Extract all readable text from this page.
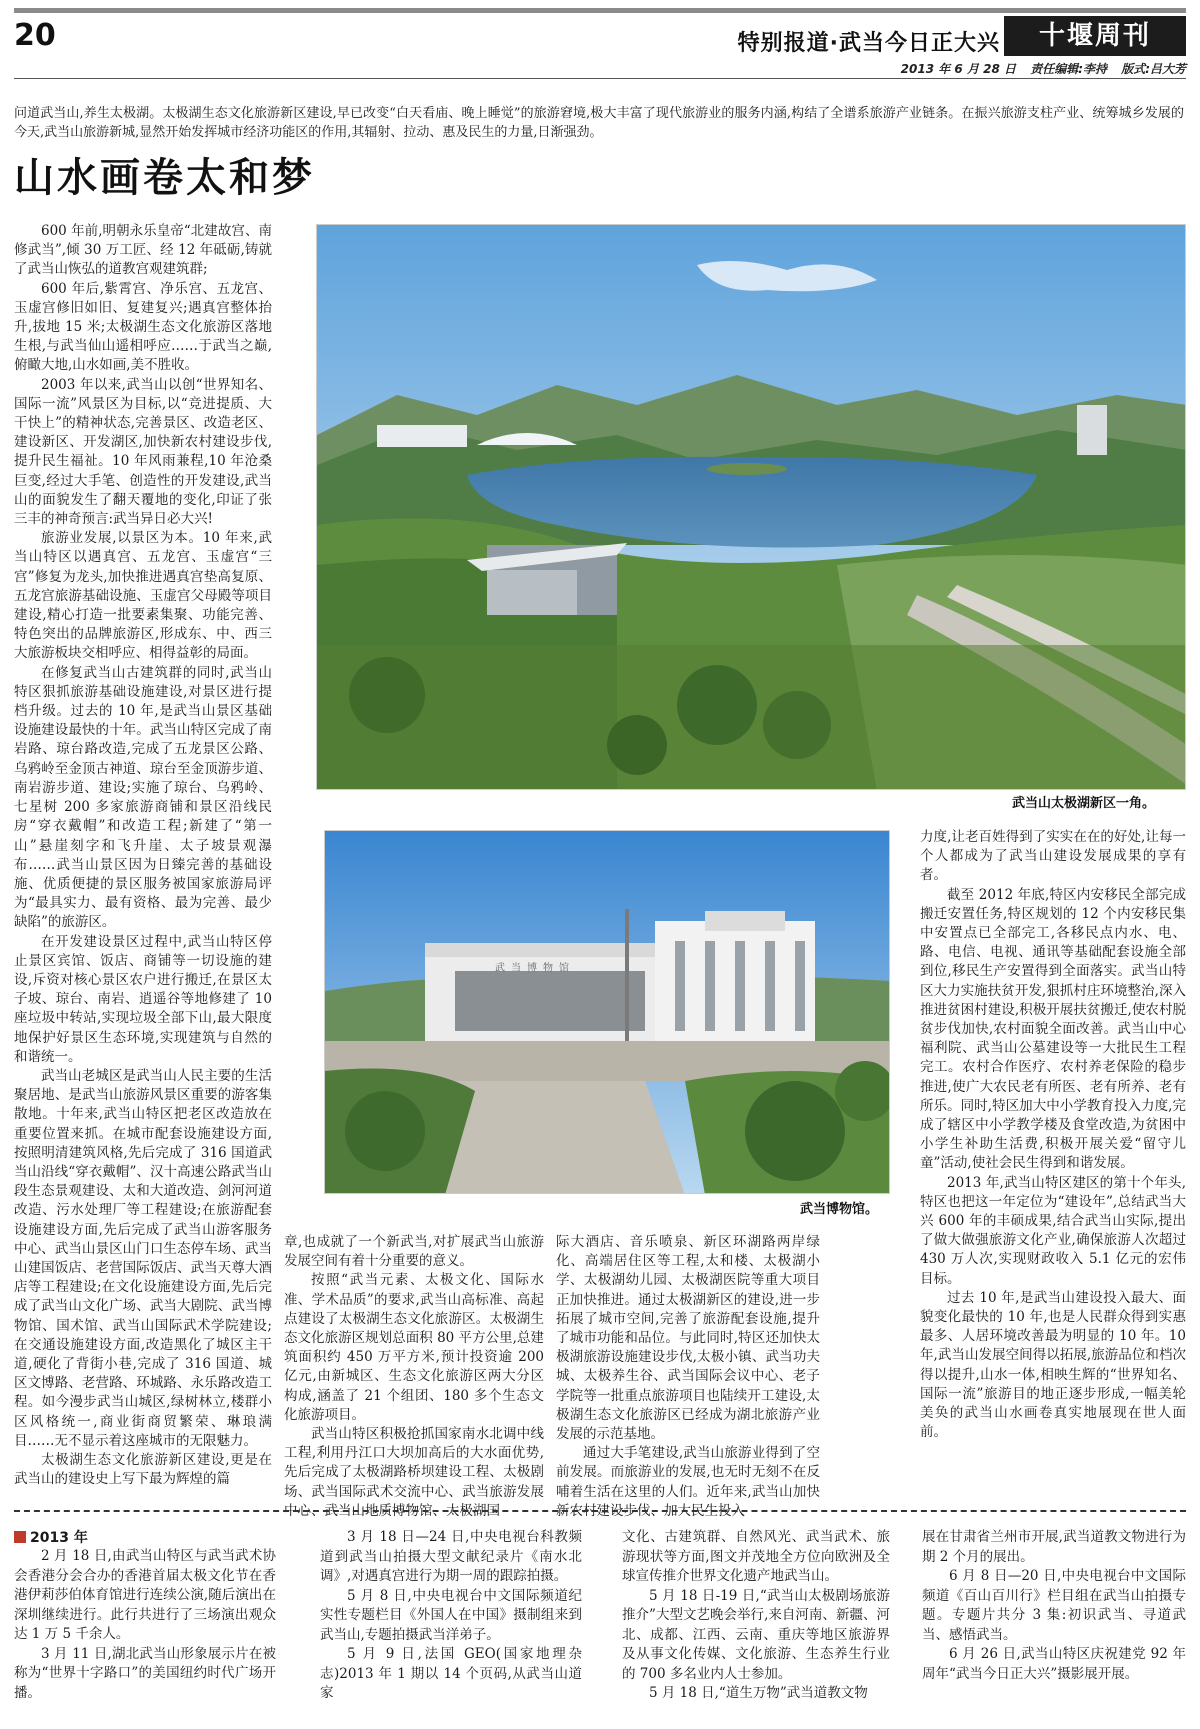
20	特别报道·武当今日正大兴	十堰周刊
2013 年 6 月 28 日 责任编辑:李持 版式:吕大芳
问道武当山,养生太极湖。太极湖生态文化旅游新区建设,早已改变“白天看庙、晚上睡觉”的旅游窘境,极大丰富了现代旅游业的服务内涵,构结了全谱系旅游产业链条。在振兴旅游支柱产业、统筹城乡发展的今天,武当山旅游新城,显然开始发挥城市经济功能区的作用,其辐射、拉动、惠及民生的力量,日渐强劲。
山水画卷太和梦

600 年前,明朝永乐皇帝“北建故宫、南修武当”,倾 30 万工匠、经 12 年砥砺,铸就了武当山恢弘的道教宫观建筑群;

600 年后,紫霄宫、净乐宫、五龙宫、玉虚宫修旧如旧、复建复兴;遇真宫整体抬升,拔地 15 米;太极湖生态文化旅游区落地生根,与武当仙山遥相呼应……于武当之巅,俯瞰大地,山水如画,美不胜收。

2003 年以来,武当山以创“世界知名、国际一流”风景区为目标,以“竞进提质、大干快上”的精神状态,完善景区、改造老区、建设新区、开发湖区,加快新农村建设步伐,提升民生福祉。10 年风雨兼程,10 年沧桑巨变,经过大手笔、创造性的开发建设,武当山的面貌发生了翻天覆地的变化,印证了张三丰的神奇预言:武当异日必大兴!

旅游业发展,以景区为本。10 年来,武当山特区以遇真宫、五龙宫、玉虚宫“三宫”修复为龙头,加快推进遇真宫垫高复原、五龙宫旅游基础设施、玉虚宫父母殿等项目建设,精心打造一批要素集聚、功能完善、特色突出的品牌旅游区,形成东、中、西三大旅游板块交相呼应、相得益彰的局面。

在修复武当山古建筑群的同时,武当山特区狠抓旅游基础设施建设,对景区进行提档升级。过去的 10 年,是武当山景区基础设施建设最快的十年。武当山特区完成了南岩路、琼台路改造,完成了五龙景区公路、乌鸦岭至金顶古神道、琼台至金顶游步道、南岩游步道、建设;实施了琼台、乌鸦岭、七星树 200 多家旅游商铺和景区沿线民房“穿衣戴帽”和改造工程;新建了“第一山”悬崖刻字和飞升崖、太子坡景观瀑布……武当山景区因为日臻完善的基础设施、优质便捷的景区服务被国家旅游局评为“最具实力、最有资格、最为完善、最少缺陷”的旅游区。

在开发建设景区过程中,武当山特区停止景区宾馆、饭店、商铺等一切设施的建设,斥资对核心景区农户进行搬迁,在景区太子坡、琼台、南岩、逍遥谷等地修建了 10 座垃圾中转站,实现垃圾全部下山,最大限度地保护好景区生态环境,实现建筑与自然的和谐统一。

武当山老城区是武当山人民主要的生活聚居地、是武当山旅游风景区重要的游客集散地。十年来,武当山特区把老区改造放在重要位置来抓。在城市配套设施建设方面,按照明清建筑风格,先后完成了 316 国道武当山沿线“穿衣戴帽”、汉十高速公路武当山段生态景观建设、太和大道改造、剑河河道改造、污水处理厂等工程建设;在旅游配套设施建设方面,先后完成了武当山游客服务中心、武当山景区山门口生态停车场、武当山建国饭店、老营国际饭店、武当天尊大酒店等工程建设;在文化设施建设方面,先后完成了武当山文化广场、武当大剧院、武当博物馆、国术馆、武当山国际武术学院建设;在交通设施建设方面,改造黑化了城区主干道,硬化了背街小巷,完成了 316 国道、城区文博路、老营路、环城路、永乐路改造工程。如今漫步武当山城区,绿树林立,楼群小区风格统一,商业街商贸繁荣、琳琅满目……无不显示着这座城市的无限魅力。

太极湖生态文化旅游新区建设,更是在武当山的建设史上写下最为辉煌的篇

章,也成就了一个新武当,对扩展武当山旅游发展空间有着十分重要的意义。

按照“武当元素、太极文化、国际水准、学术品质”的要求,武当山高标准、高起点建设了太极湖生态文化旅游区。太极湖生态文化旅游区规划总面积 80 平方公里,总建筑面积约 450 万平方米,预计投资逾 200 亿元,由新城区、生态文化旅游区两大分区构成,涵盖了 21 个组团、180 多个生态文化旅游项目。

武当山特区积极抢抓国家南水北调中线工程,利用丹江口大坝加高后的大水面优势,先后完成了太极湖路桥坝建设工程、太极剧场、武当国际武术交流中心、武当旅游发展中心、武当山地质博物馆、太极湖国

际大酒店、音乐喷泉、新区环湖路两岸绿化、高端居住区等工程,太和楼、太极湖小学、太极湖幼儿园、太极湖医院等重大项目正加快推进。通过太极湖新区的建设,进一步拓展了城市空间,完善了旅游配套设施,提升了城市功能和品位。与此同时,特区还加快太极湖旅游设施建设步伐,太极小镇、武当功夫城、太极养生谷、武当国际会议中心、老子学院等一批重点旅游项目也陆续开工建设,太极湖生态文化旅游区已经成为湖北旅游产业发展的示范基地。

通过大手笔建设,武当山旅游业得到了空前发展。而旅游业的发展,也无时无刻不在反哺着生活在这里的人们。近年来,武当山加快新农村建设步伐、加大民生投入

力度,让老百姓得到了实实在在的好处,让每一个人都成为了武当山建设发展成果的享有者。

截至 2012 年底,特区内安移民全部完成搬迁安置任务,特区规划的 12 个内安移民集中安置点已全部完工,各移民点内水、电、路、电信、电视、通讯等基础配套设施全部到位,移民生产安置得到全面落实。武当山特区大力实施扶贫开发,狠抓村庄环境整治,深入推进贫困村建设,积极开展扶贫搬迁,使农村脱贫步伐加快,农村面貌全面改善。武当山中心福利院、武当山公墓建设等一大批民生工程完工。农村合作医疗、农村养老保险的稳步推进,使广大农民老有所医、老有所养、老有所乐。同时,特区加大中小学教育投入力度,完成了辖区中小学教学楼及食堂改造,为贫困中小学生补助生活费,积极开展关爱“留守儿童”活动,使社会民生得到和谐发展。

2013 年,武当山特区建区的第十个年头,特区也把这一年定位为“建设年”,总结武当大兴 600 年的丰硕成果,结合武当山实际,提出了做大做强旅游文化产业,确保旅游人次超过 430 万人次,实现财政收入 5.1 亿元的宏伟目标。

过去 10 年,是武当山建设投入最大、面貌变化最快的 10 年,也是人民群众得到实惠最多、人居环境改善最为明显的 10 年。10 年,武当山发展空间得以拓展,旅游品位和档次得以提升,山水一体,相映生辉的“世界知名、国际一流”旅游目的地正逐步形成,一幅美轮美奂的武当山水画卷真实地展现在世人面前。

武当山太极湖新区一角。
武当博物馆
武当博物馆。
2013 年

2 月 18 日,由武当山特区与武当武术协会香港分会合办的香港首届太极文化节在香港伊莉莎伯体育馆进行连续公演,随后演出在深圳继续进行。此行共进行了三场演出观众达 1 万 5 千余人。

3 月 11 日,湖北武当山形象展示片在被称为“世界十字路口”的美国纽约时代广场开播。

3 月 18 日—24 日,中央电视台科教频道到武当山拍摄大型文献纪录片《南水北调》,对遇真宫进行为期一周的跟踪拍摄。

5 月 8 日,中央电视台中文国际频道纪实性专题栏目《外国人在中国》摄制组来到武当山,专题拍摄武当洋弟子。

5 月 9 日,法国 GEO(国家地理杂志)2013 年 1 期以 14 个页码,从武当山道家

文化、古建筑群、自然风光、武当武术、旅游现状等方面,图文并茂地全方位向欧洲及全球宣传推介世界文化遗产地武当山。

5 月 18 日-19 日,“武当山太极剧场旅游推介”大型文艺晚会举行,来自河南、新疆、河北、成都、江西、云南、重庆等地区旅游界及从事文化传媒、文化旅游、生态养生行业的 700 多名业内人士参加。

5 月 18 日,“道生万物”武当道教文物

展在甘肃省兰州市开展,武当道教文物进行为期 2 个月的展出。

6 月 8 日—20 日,中央电视台中文国际频道《百山百川行》栏目组在武当山拍摄专题。专题片共分 3 集:初识武当、寻道武当、感悟武当。

6 月 26 日,武当山特区庆祝建党 92 年周年“武当今日正大兴”摄影展开展。
